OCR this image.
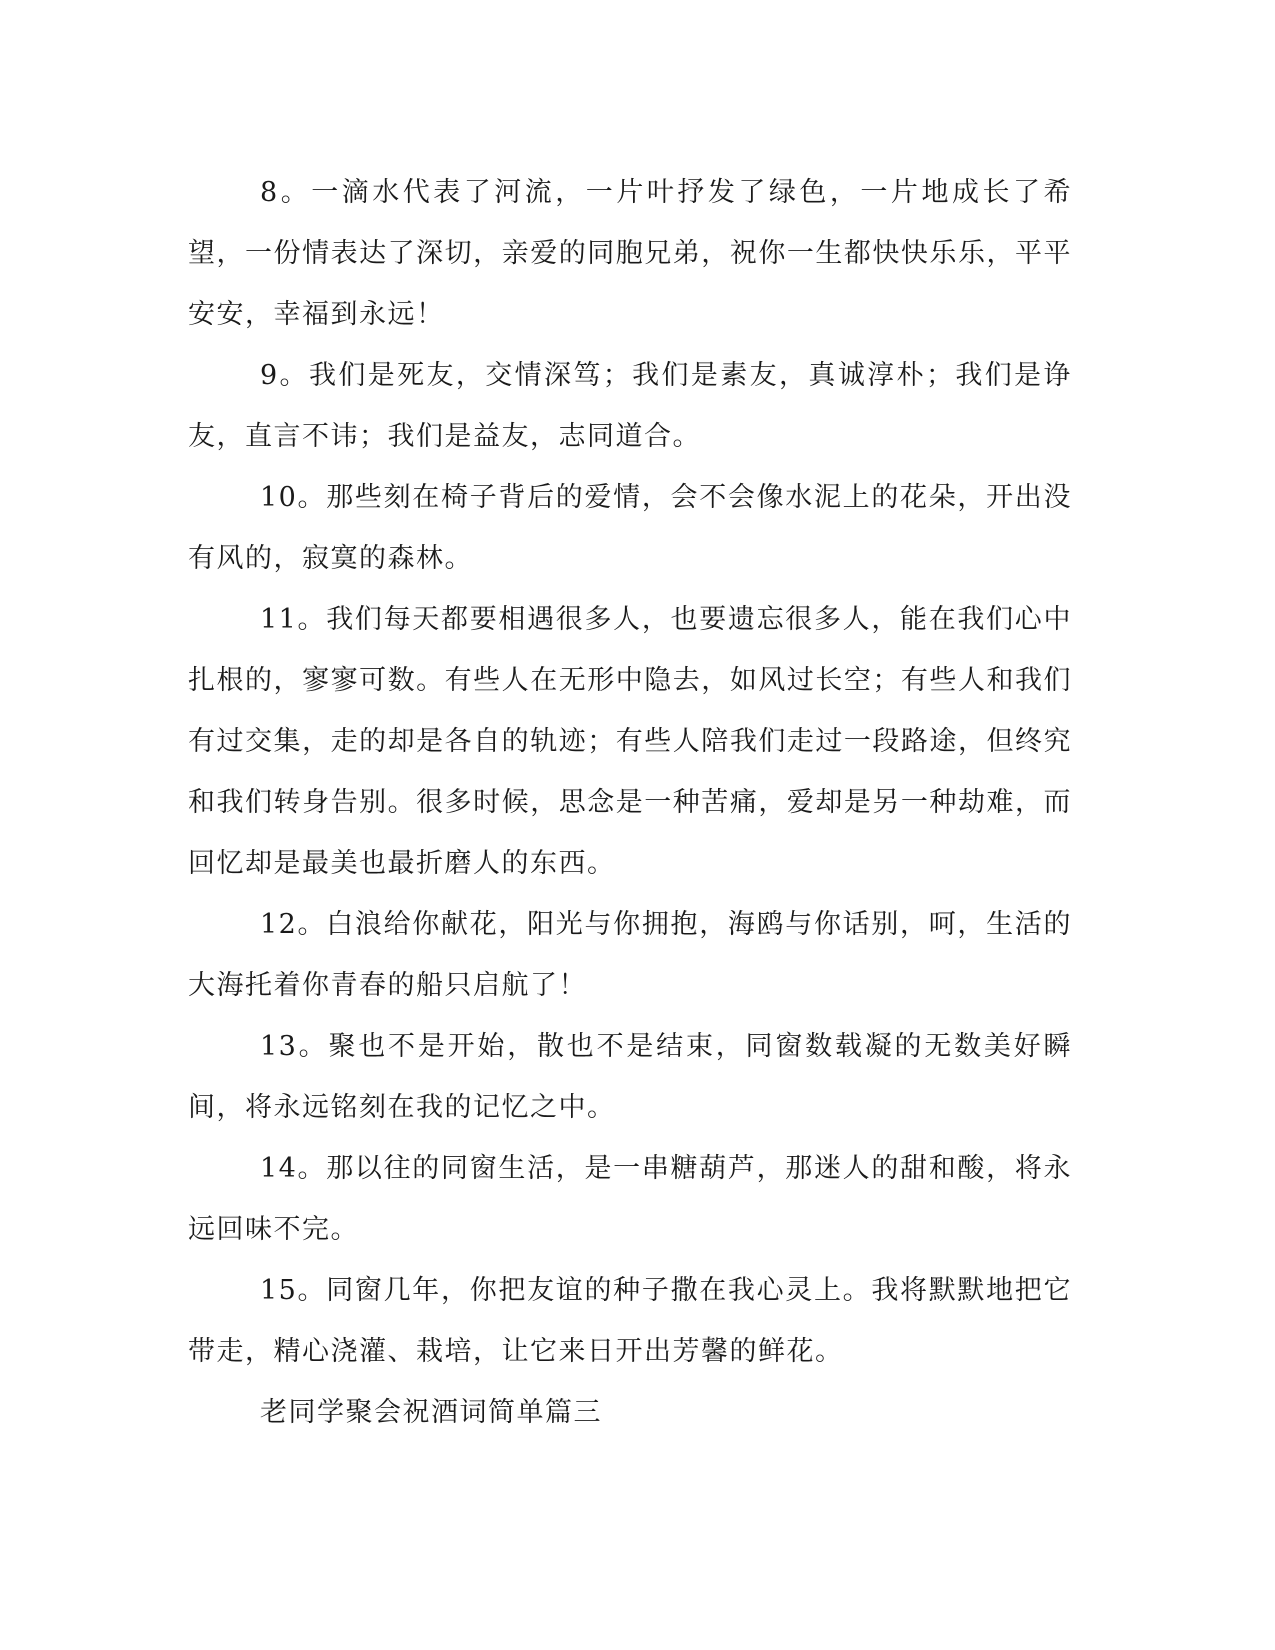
8。一滴水代表了河流，一片叶抒发了绿色，一片地成长了希望，一份情表达了深切，亲爱的同胞兄弟，祝你一生都快快乐乐，平平安安，幸福到永远！

9。我们是死友，交情深笃；我们是素友，真诚淳朴；我们是诤友，直言不讳；我们是益友，志同道合。

10。那些刻在椅子背后的爱情，会不会像水泥上的花朵，开出没有风的，寂寞的森林。

11。我们每天都要相遇很多人，也要遗忘很多人，能在我们心中扎根的，寥寥可数。有些人在无形中隐去，如风过长空；有些人和我们有过交集，走的却是各自的轨迹；有些人陪我们走过一段路途，但终究和我们转身告别。很多时候，思念是一种苦痛，爱却是另一种劫难，而回忆却是最美也最折磨人的东西。

12。白浪给你献花，阳光与你拥抱，海鸥与你话别，呵，生活的大海托着你青春的船只启航了！

13。聚也不是开始，散也不是结束，同窗数载凝的无数美好瞬间，将永远铭刻在我的记忆之中。

14。那以往的同窗生活，是一串糖葫芦，那迷人的甜和酸，将永远回味不完。

15。同窗几年，你把友谊的种子撒在我心灵上。我将默默地把它带走，精心浇灌、栽培，让它来日开出芳馨的鲜花。

老同学聚会祝酒词简单篇三
